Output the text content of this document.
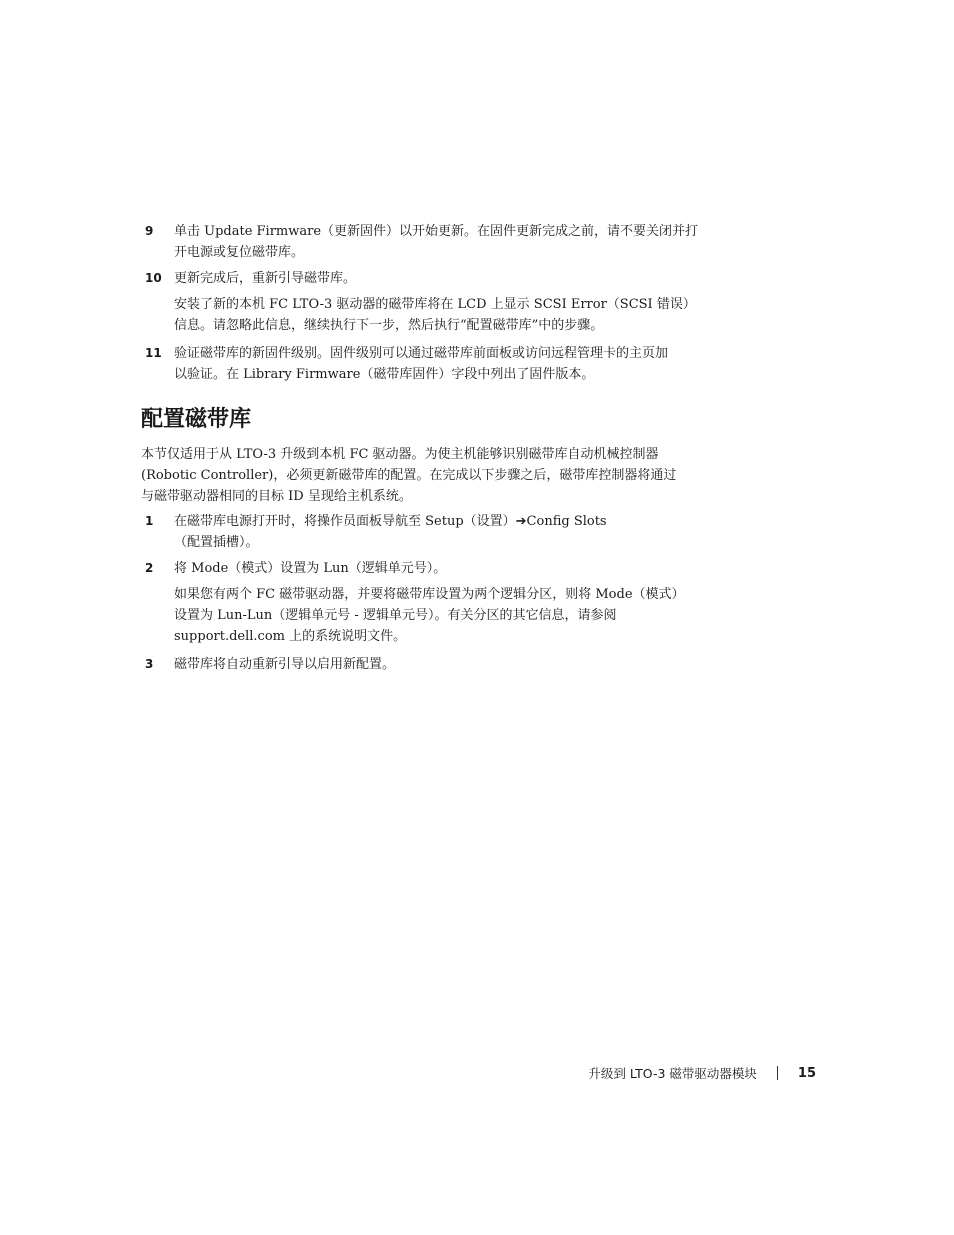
9	单击 Update Firmware（更新固件）以开始更新。在固件更新完成之前，请不要关闭并打
开电源或复位磁带库。
10 更新完成后，重新引导磁带库。
安装了新的本机 FC LTO-3 驱动器的磁带库将在 LCD 上显示 SCSI Error（SCSI 错误）
信息。请忽略此信息，继续执行下一步，然后执行“配置磁带库”中的步骤。
11 验证磁带库的新固件级别。固件级别可以通过磁带库前面板或访问远程管理卡的主页加
以验证。在 Library Firmware（磁带库固件）字段中列出了固件版本。
配置磁带库
本节仅适用于从 LTO-3 升级到本机 FC 驱动器。为使主机能够识别磁带库自动机械控制器
(Robotic Controller)，必须更新磁带库的配置。在完成以下步骤之后，磁带库控制器将通过
与磁带驱动器相同的目标 ID 呈现给主机系统。
1	在磁带库电源打开时，将操作员面板导航至 Setup（设置）➔Config Slots
（配置插槽）。
2	将 Mode（模式）设置为 Lun（逻辑单元号）。
如果您有两个 FC 磁带驱动器，并要将磁带库设置为两个逻辑分区，则将 Mode（模式）
设置为 Lun-Lun（逻辑单元号 - 逻辑单元号）。有关分区的其它信息，请参阅
support.dell.com 上的系统说明文件。
3	磁带库将自动重新引导以启用新配置。
升级到 LTO-3 磁带驱动器模块	15
